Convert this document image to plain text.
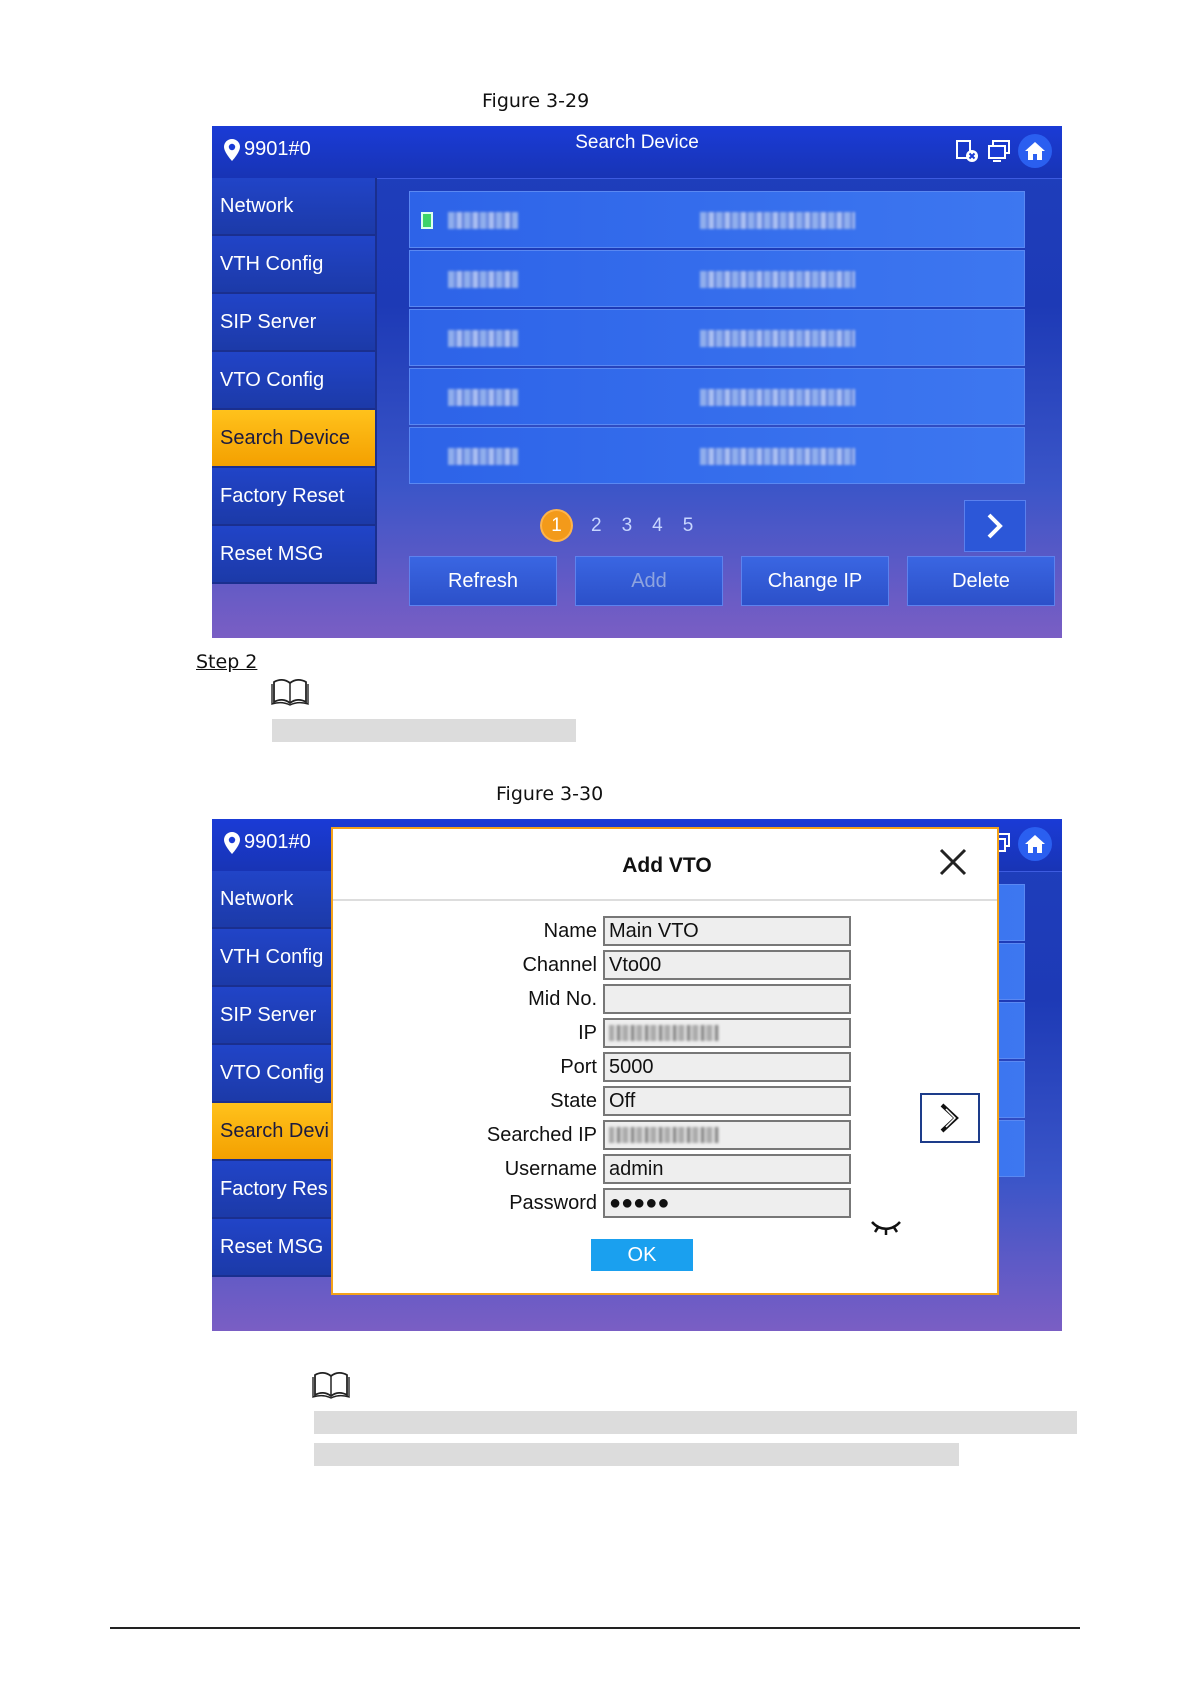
Figure 3-29
9901#0	Search Device
Network
VTH Config
SIP Server
VTO Config
Search Device
Factory Reset
Reset MSG
1	2 3 4 5
Refresh	Add	Change IP	Delete
Step 2
Figure 3-30
9901#0
Network
VTH Config
SIP Server
VTO Config
Search Devi
Factory Res
Reset MSG
Add VTO
Name Main VTO
Channel Vto00
Mid No.
IP
Port 5000
State Off
Searched IP
Username admin
Password ●●●●●
OK
